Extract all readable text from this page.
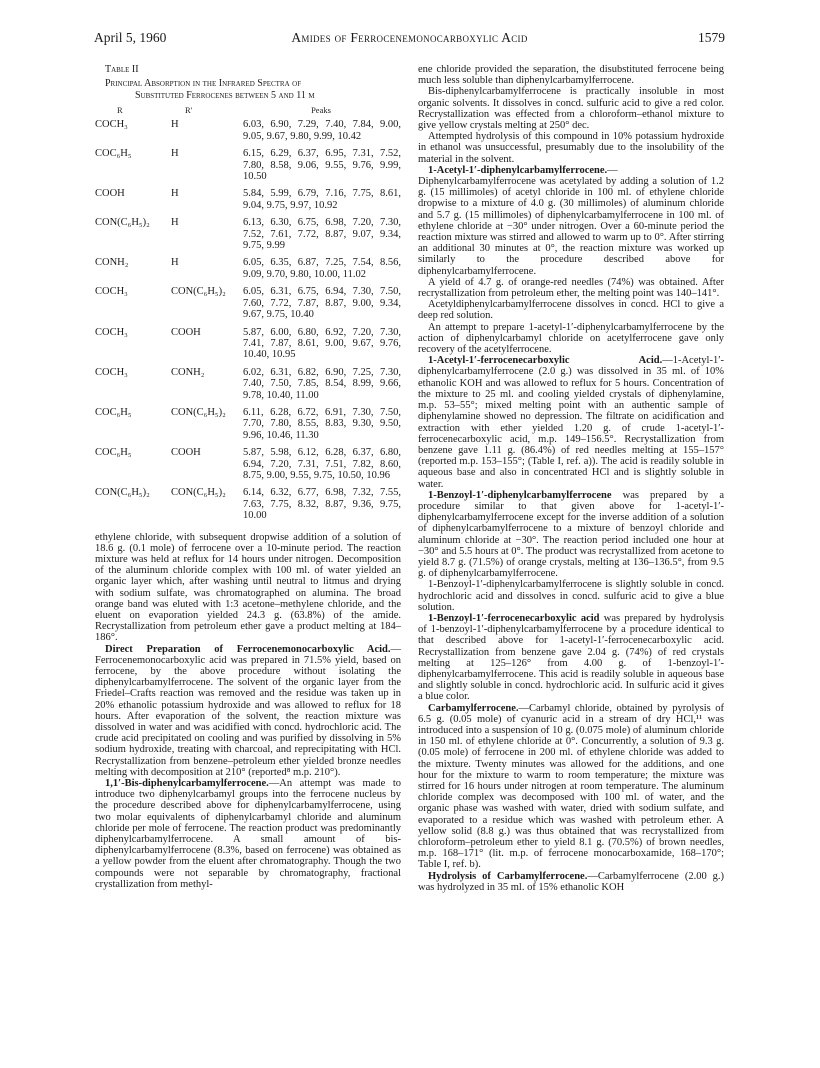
April 5, 1960	Amides of Ferrocenemonocarboxylic Acid	1579

Table II

Principal Absorption in the Infrared Spectra of

Substituted Ferrocenes between 5 and 11 μ

R	R′	Peaks
COCH₃	H	6.03, 6.90, 7.29, 7.40, 7.84, 9.00, 9.05, 9.67, 9.80, 9.99, 10.42
COC₆H₅	H	6.15, 6.29, 6.37, 6.95, 7.31, 7.52, 7.80, 8.58, 9.06, 9.55, 9.76, 9.99, 10.50
COOH	H	5.84, 5.99, 6.79, 7.16, 7.75, 8.61, 9.04, 9.75, 9.97, 10.92
CON(C₆H₅)₂	H	6.13, 6.30, 6.75, 6.98, 7.20, 7.30, 7.52, 7.61, 7.72, 8.87, 9.07, 9.34, 9.75, 9.99
CONH₂	H	6.05, 6.35, 6.87, 7.25, 7.54, 8.56, 9.09, 9.70, 9.80, 10.00, 11.02
COCH₃	CON(C₆H₅)₂	6.05, 6.31, 6.75, 6.94, 7.30, 7.50, 7.60, 7.72, 7.87, 8.87, 9.00, 9.34, 9.67, 9.75, 10.40
COCH₃	COOH	5.87, 6.00, 6.80, 6.92, 7.20, 7.30, 7.41, 7.87, 8.61, 9.00, 9.67, 9.76, 10.40, 10.95
COCH₃	CONH₂	6.02, 6.31, 6.82, 6.90, 7.25, 7.30, 7.40, 7.50, 7.85, 8.54, 8.99, 9.66, 9.78, 10.40, 11.00
COC₆H₅	CON(C₆H₅)₂	6.11, 6.28, 6.72, 6.91, 7.30, 7.50, 7.70, 7.80, 8.55, 8.83, 9.30, 9.50, 9.96, 10.46, 11.30
COC₆H₅	COOH	5.87, 5.98, 6.12, 6.28, 6.37, 6.80, 6.94, 7.20, 7.31, 7.51, 7.82, 8.60, 8.75, 9.00, 9.55, 9.75, 10.50, 10.96
CON(C₆H₅)₂	CON(C₆H₅)₂	6.14, 6.32, 6.77, 6.98, 7.32, 7.55, 7.63, 7.75, 8.32, 8.87, 9.36, 9.75, 10.00

ethylene chloride, with subsequent dropwise addition of a solution of 18.6 g. (0.1 mole) of ferrocene over a 10-minute period. The reaction mixture was held at reflux for 14 hours under nitrogen. Decomposition of the aluminum chloride complex with 100 ml. of water yielded an organic layer which, after washing until neutral to litmus and drying with sodium sulfate, was chromatographed on alumina. The broad orange band was eluted with 1:3 acetone–methylene chloride, and the eluent on evaporation yielded 24.3 g. (63.8%) of the amide. Recrystallization from petroleum ether gave a product melting at 184–186°.

Direct Preparation of Ferrocenemonocarboxylic Acid.—Ferrocenemonocarboxylic acid was prepared in 71.5% yield, based on ferrocene, by the above procedure without isolating the diphenylcarbamylferrocene. The solvent of the organic layer from the Friedel–Crafts reaction was removed and the residue was taken up in 20% ethanolic potassium hydroxide and was allowed to reflux for 18 hours. After evaporation of the solvent, the reaction mixture was dissolved in water and was acidified with concd. hydrochloric acid. The crude acid precipitated on cooling and was purified by dissolving in 5% sodium hydroxide, treating with charcoal, and reprecipitating with HCl. Recrystallization from benzene–petroleum ether yielded bronze needles melting with decomposition at 210° (reported⁸ m.p. 210°).

1,1′-Bis-diphenylcarbamylferrocene.—An attempt was made to introduce two diphenylcarbamyl groups into the ferrocene nucleus by the procedure described above for diphenylcarbamylferrocene, using two molar equivalents of diphenylcarbamyl chloride and aluminum chloride per mole of ferrocene. The reaction product was predominantly diphenylcarbamylferrocene. A small amount of bis-diphenylcarbamylferrocene (8.3%, based on ferrocene) was obtained as a yellow powder from the eluent after chromatography. Though the two compounds were not separable by chromatography, fractional crystallization from methyl-

ene chloride provided the separation, the disubstituted ferrocene being much less soluble than diphenylcarbamylferrocene.

Bis-diphenylcarbamylferrocene is practically insoluble in most organic solvents. It dissolves in concd. sulfuric acid to give a red color. Recrystallization was effected from a chloroform–ethanol mixture to give yellow crystals melting at 250° dec.

Attempted hydrolysis of this compound in 10% potassium hydroxide in ethanol was unsuccessful, presumably due to the insolubility of the material in the solvent.

1-Acetyl-1′-diphenylcarbamylferrocene.—Diphenylcarbamylferrocene was acetylated by adding a solution of 1.2 g. (15 millimoles) of acetyl chloride in 100 ml. of ethylene chloride dropwise to a mixture of 4.0 g. (30 millimoles) of aluminum chloride and 5.7 g. (15 millimoles) of diphenylcarbamylferrocene in 100 ml. of ethylene chloride at −30° under nitrogen. Over a 60-minute period the reaction mixture was stirred and allowed to warm up to 0°. After stirring an additional 30 minutes at 0°, the reaction mixture was worked up similarly to the procedure described above for diphenylcarbamylferrocene.

A yield of 4.7 g. of orange-red needles (74%) was obtained. After recrystallization from petroleum ether, the melting point was 140–141°.

Acetyldiphenylcarbamylferrocene dissolves in concd. HCl to give a deep red solution.

An attempt to prepare 1-acetyl-1′-diphenylcarbamylferrocene by the action of diphenylcarbamyl chloride on acetylferrocene gave only recovery of the acetylferrocene.

1-Acetyl-1′-ferrocenecarboxylic Acid.—1-Acetyl-1′-diphenylcarbamylferrocene (2.0 g.) was dissolved in 35 ml. of 10% ethanolic KOH and was allowed to reflux for 5 hours. Concentration of the mixture to 25 ml. and cooling yielded crystals of diphenylamine, m.p. 53–55°; mixed melting point with an authentic sample of diphenylamine showed no depression. The filtrate on acidification and extraction with ether yielded 1.20 g. of crude 1-acetyl-1′-ferrocenecarboxylic acid, m.p. 149–156.5°. Recrystallization from benzene gave 1.11 g. (86.4%) of red needles melting at 155–157° (reported m.p. 153–155°; (Table I, ref. a)). The acid is readily soluble in aqueous base and also in concentrated HCl and is slightly soluble in water.

1-Benzoyl-1′-diphenylcarbamylferrocene was prepared by a procedure similar to that given above for 1-acetyl-1′-diphenylcarbamylferrocene except for the inverse addition of a solution of diphenylcarbamylferrocene to a mixture of benzoyl chloride and aluminum chloride at −30°. The reaction period included one hour at −30° and 5.5 hours at 0°. The product was recrystallized from acetone to yield 8.7 g. (71.5%) of orange crystals, melting at 136–136.5°, from 9.5 g. of diphenylcarbamylferrocene.

1-Benzoyl-1′-diphenylcarbamylferrocene is slightly soluble in concd. hydrochloric acid and dissolves in concd. sulfuric acid to give a blue solution.

1-Benzoyl-1′-ferrocenecarboxylic acid was prepared by hydrolysis of 1-benzoyl-1′-diphenylcarbamylferrocene by a procedure identical to that described above for 1-acetyl-1′-ferrocenecarboxylic acid. Recrystallization from benzene gave 2.04 g. (74%) of red crystals melting at 125–126° from 4.00 g. of 1-benzoyl-1′-diphenylcarbamylferrocene. This acid is readily soluble in aqueous base and slightly soluble in concd. hydrochloric acid. In sulfuric acid it gives a blue color.

Carbamylferrocene.—Carbamyl chloride, obtained by pyrolysis of 6.5 g. (0.05 mole) of cyanuric acid in a stream of dry HCl,¹¹ was introduced into a suspension of 10 g. (0.075 mole) of aluminum chloride in 150 ml. of ethylene chloride at 0°. Concurrently, a solution of 9.3 g. (0.05 mole) of ferrocene in 200 ml. of ethylene chloride was added to the mixture. Twenty minutes was allowed for the additions, and one hour for the mixture to warm to room temperature; the mixture was stirred for 16 hours under nitrogen at room temperature. The aluminum chloride complex was decomposed with 100 ml. of water, and the organic phase was washed with water, dried with sodium sulfate, and evaporated to a residue which was washed with petroleum ether. A yellow solid (8.8 g.) was thus obtained that was recrystallized from chloroform–petroleum ether to yield 8.1 g. (70.5%) of brown needles, m.p. 168–171° (lit. m.p. of ferrocene monocarboxamide, 168–170°; Table I, ref. b).

Hydrolysis of Carbamylferrocene.—Carbamylferrocene (2.00 g.) was hydrolyzed in 35 ml. of 15% ethanolic KOH
